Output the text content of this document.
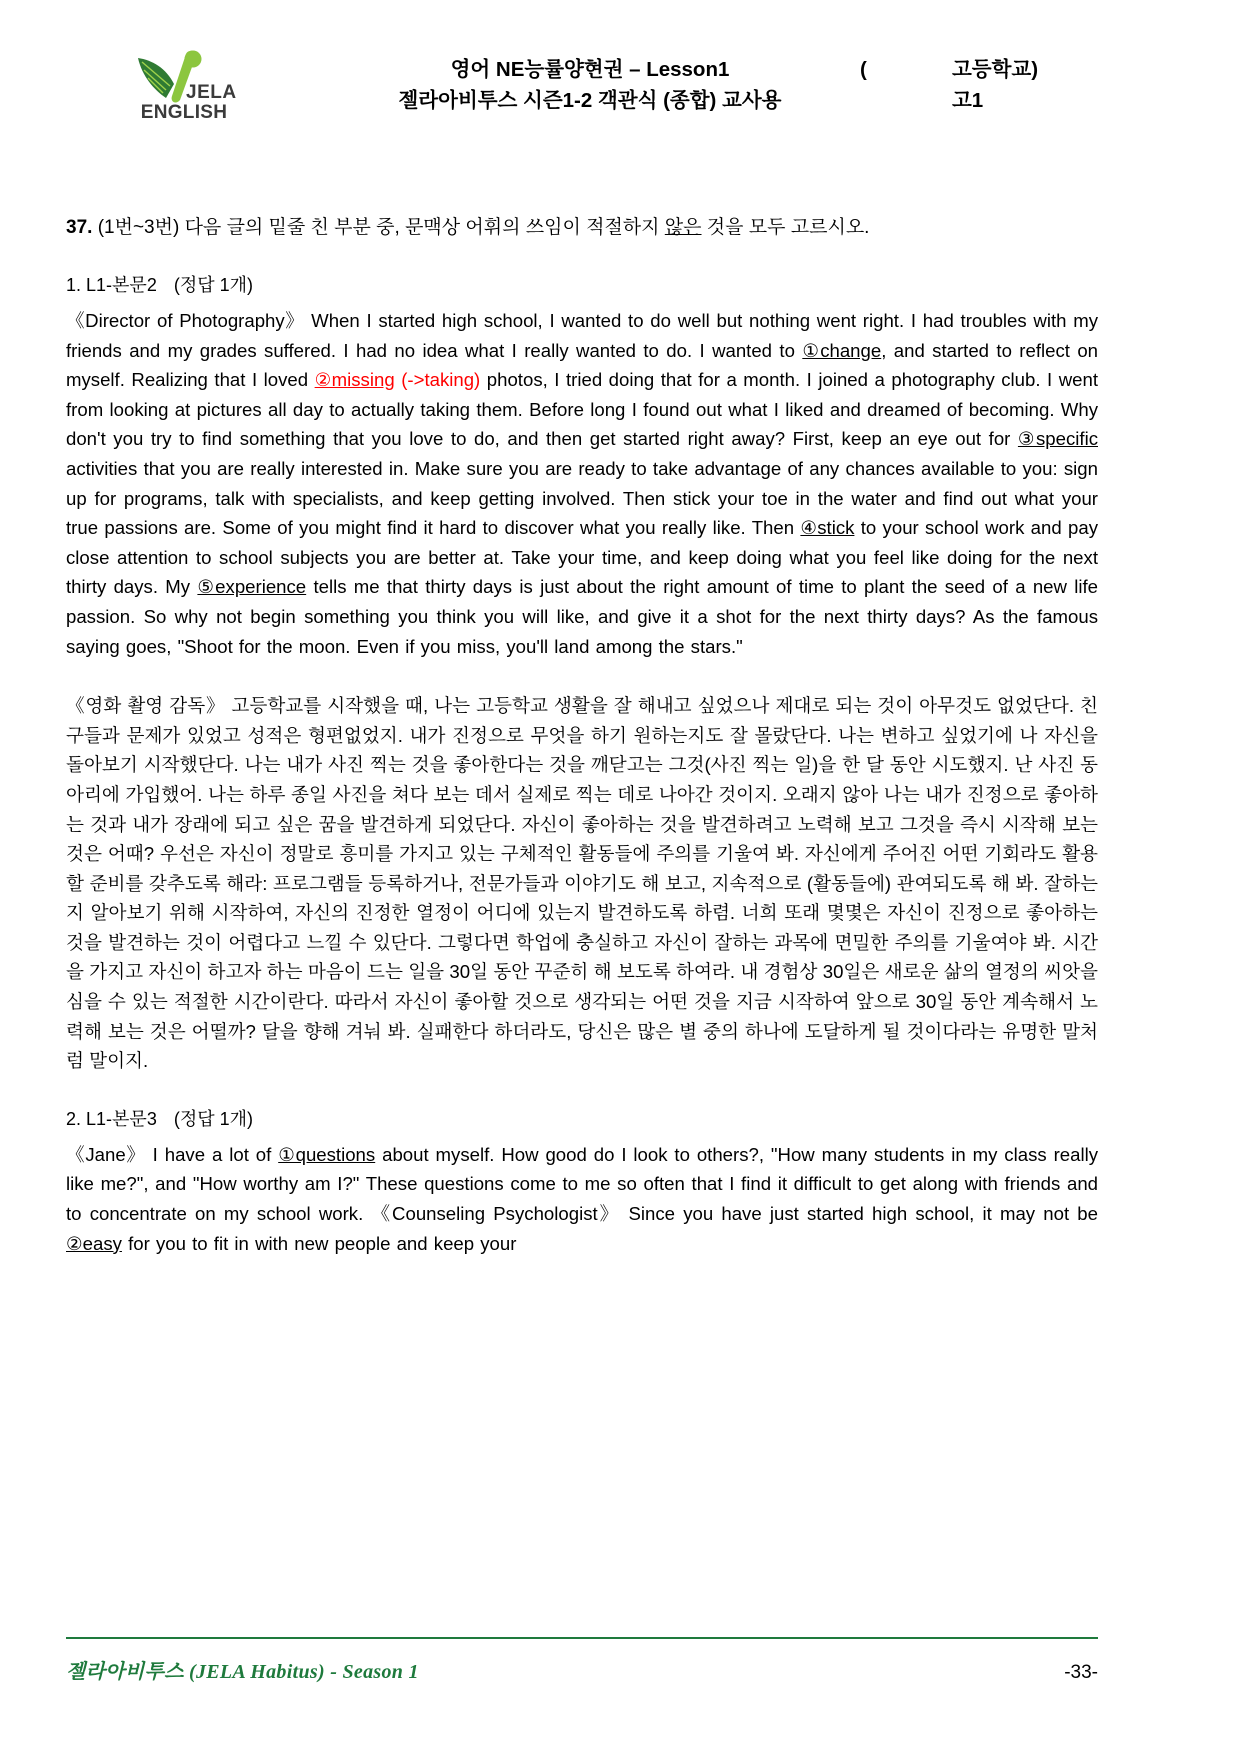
JELA
ENGLISH
영어 NE능률양현권 – Lesson1
젤라아비투스 시즌1-2 객관식 (종합) 교사용
(	고등학교)
고1
37. (1번~3번) 다음 글의 밑줄 친 부분 중, 문맥상 어휘의 쓰임이 적절하지 않은 것을 모두 고르시오.
1. L1-본문2 (정답 1개)

《Director of Photography》 When I started high school, I wanted to do well but nothing went right. I had troubles with my friends and my grades suffered. I had no idea what I really wanted to do. I wanted to ①change, and started to reflect on myself. Realizing that I loved ②missing (->taking) photos, I tried doing that for a month. I joined a photography club. I went from looking at pictures all day to actually taking them. Before long I found out what I liked and dreamed of becoming. Why don't you try to find something that you love to do, and then get started right away? First, keep an eye out for ③specific activities that you are really interested in. Make sure you are ready to take advantage of any chances available to you: sign up for programs, talk with specialists, and keep getting involved. Then stick your toe in the water and find out what your true passions are. Some of you might find it hard to discover what you really like. Then ④stick to your school work and pay close attention to school subjects you are better at. Take your time, and keep doing what you feel like doing for the next thirty days. My ⑤experience tells me that thirty days is just about the right amount of time to plant the seed of a new life passion. So why not begin something you think you will like, and give it a shot for the next thirty days? As the famous saying goes, "Shoot for the moon. Even if you miss, you'll land among the stars."

《영화 촬영 감독》 고등학교를 시작했을 때, 나는 고등학교 생활을 잘 해내고 싶었으나 제대로 되는 것이 아무것도 없었단다. 친구들과 문제가 있었고 성적은 형편없었지. 내가 진정으로 무엇을 하기 원하는지도 잘 몰랐단다. 나는 변하고 싶었기에 나 자신을 돌아보기 시작했단다. 나는 내가 사진 찍는 것을 좋아한다는 것을 깨닫고는 그것(사진 찍는 일)을 한 달 동안 시도했지. 난 사진 동아리에 가입했어. 나는 하루 종일 사진을 쳐다 보는 데서 실제로 찍는 데로 나아간 것이지. 오래지 않아 나는 내가 진정으로 좋아하는 것과 내가 장래에 되고 싶은 꿈을 발견하게 되었단다. 자신이 좋아하는 것을 발견하려고 노력해 보고 그것을 즉시 시작해 보는 것은 어때? 우선은 자신이 정말로 흥미를 가지고 있는 구체적인 활동들에 주의를 기울여 봐. 자신에게 주어진 어떤 기회라도 활용할 준비를 갖추도록 해라: 프로그램들 등록하거나, 전문가들과 이야기도 해 보고, 지속적으로 (활동들에) 관여되도록 해 봐. 잘하는지 알아보기 위해 시작하여, 자신의 진정한 열정이 어디에 있는지 발견하도록 하렴. 너희 또래 몇몇은 자신이 진정으로 좋아하는 것을 발견하는 것이 어렵다고 느낄 수 있단다. 그렇다면 학업에 충실하고 자신이 잘하는 과목에 면밀한 주의를 기울여야 봐. 시간을 가지고 자신이 하고자 하는 마음이 드는 일을 30일 동안 꾸준히 해 보도록 하여라. 내 경험상 30일은 새로운 삶의 열정의 씨앗을 심을 수 있는 적절한 시간이란다. 따라서 자신이 좋아할 것으로 생각되는 어떤 것을 지금 시작하여 앞으로 30일 동안 계속해서 노력해 보는 것은 어떨까? 달을 향해 겨눠 봐. 실패한다 하더라도, 당신은 많은 별 중의 하나에 도달하게 될 것이다라는 유명한 말처럼 말이지.

2. L1-본문3 (정답 1개)

《Jane》 I have a lot of ①questions about myself. How good do I look to others?, "How many students in my class really like me?", and "How worthy am I?" These questions come to me so often that I find it difficult to get along with friends and to concentrate on my school work. 《Counseling Psychologist》 Since you have just started high school, it may not be ②easy for you to fit in with new people and keep your

젤라아비투스 (JELA Habitus) - Season 1	-33-
